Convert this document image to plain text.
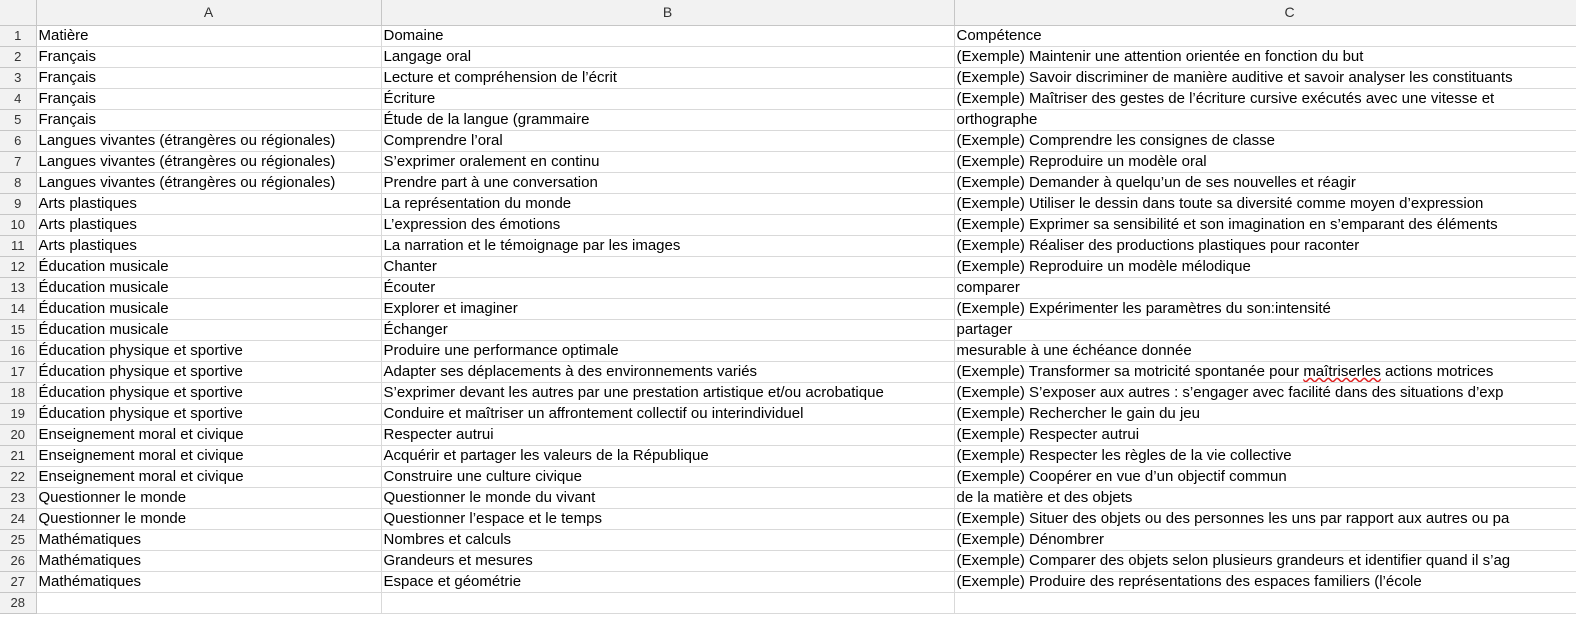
	A	B	C
1	Matière	Domaine	Compétence
2	Français	Langage oral	(Exemple) Maintenir une attention orientée en fonction du but
3	Français	Lecture et compréhension de l’écrit	(Exemple) Savoir discriminer de manière auditive et savoir analyser les constituants
4	Français	Écriture	(Exemple) Maîtriser des gestes de l’écriture cursive exécutés avec une vitesse et
5	Français	Étude de la langue (grammaire	orthographe
6	Langues vivantes (étrangères ou régionales)	Comprendre l’oral	(Exemple) Comprendre les consignes de classe
7	Langues vivantes (étrangères ou régionales)	S’exprimer oralement en continu	(Exemple) Reproduire un modèle oral
8	Langues vivantes (étrangères ou régionales)	Prendre part à une conversation	(Exemple) Demander à quelqu’un de ses nouvelles et réagir
9	Arts plastiques	La représentation du monde	(Exemple) Utiliser le dessin dans toute sa diversité comme moyen d’expression
10	Arts plastiques	L’expression des émotions	(Exemple) Exprimer sa sensibilité et son imagination en s’emparant des éléments
11	Arts plastiques	La narration et le témoignage par les images	(Exemple) Réaliser des productions plastiques pour raconter
12	Éducation musicale	Chanter	(Exemple) Reproduire un modèle mélodique
13	Éducation musicale	Écouter	comparer
14	Éducation musicale	Explorer et imaginer	(Exemple) Expérimenter les paramètres du son:intensité
15	Éducation musicale	Échanger	partager
16	Éducation physique et sportive	Produire une performance optimale	mesurable à une échéance donnée
17	Éducation physique et sportive	Adapter ses déplacements à des environnements variés	(Exemple) Transformer sa motricité spontanée pour maîtriserles actions motrices
18	Éducation physique et sportive	S’exprimer devant les autres par une prestation artistique et/ou acrobatique	(Exemple) S’exposer aux autres : s’engager avec facilité dans des situations d’exp
19	Éducation physique et sportive	Conduire et maîtriser un affrontement collectif ou interindividuel	(Exemple) Rechercher le gain du jeu
20	Enseignement moral et civique	Respecter autrui	(Exemple) Respecter autrui
21	Enseignement moral et civique	Acquérir et partager les valeurs de la République	(Exemple) Respecter les règles de la vie collective
22	Enseignement moral et civique	Construire une culture civique	(Exemple) Coopérer en vue d’un objectif commun
23	Questionner le monde	Questionner le monde du vivant	de la matière et des objets
24	Questionner le monde	Questionner l’espace et le temps	(Exemple) Situer des objets ou des personnes les uns par rapport aux autres ou pa
25	Mathématiques	Nombres et calculs	(Exemple) Dénombrer
26	Mathématiques	Grandeurs et mesures	(Exemple) Comparer des objets selon plusieurs grandeurs et identifier quand il s’ag
27	Mathématiques	Espace et géométrie	(Exemple) Produire des représentations des espaces familiers (l’école
28			
